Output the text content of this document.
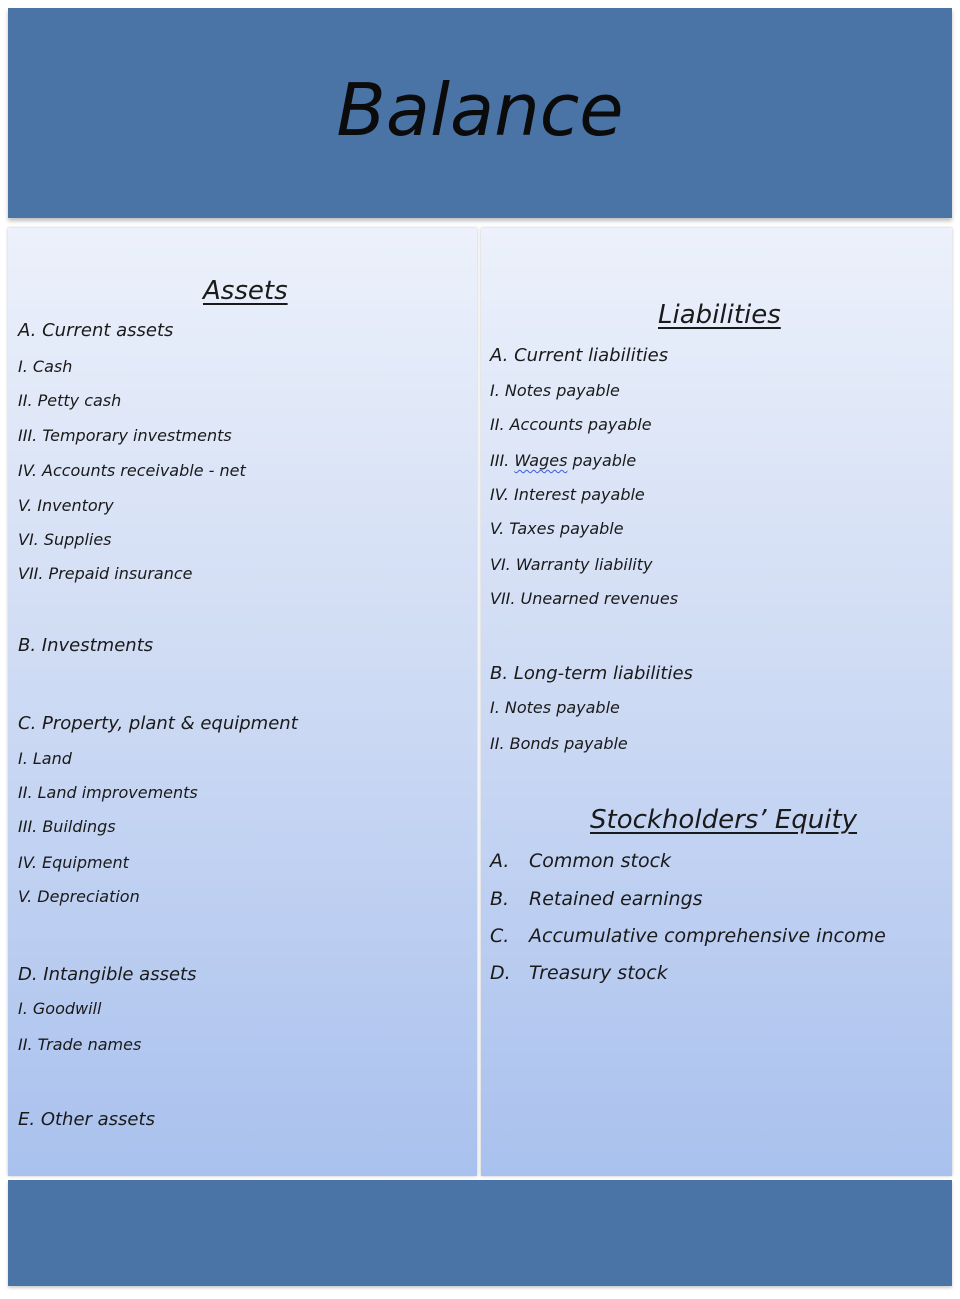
Balance
Assets
A. Current assets
I. Cash
II. Petty cash
III. Temporary investments
IV. Accounts receivable - net
V. Inventory
VI. Supplies
VII. Prepaid insurance
B. Investments
C. Property, plant & equipment
I. Land
II. Land improvements
III. Buildings
IV. Equipment
V. Depreciation
D. Intangible assets
I. Goodwill
II. Trade names
E. Other assets
Liabilities
A. Current liabilities
I. Notes payable
II. Accounts payable
III. Wages payable
IV. Interest payable
V. Taxes payable
VI. Warranty liability
VII. Unearned revenues
B. Long-term liabilities
I. Notes payable
II. Bonds payable
Stockholders’ Equity
A. Common stock
B. Retained earnings
C. Accumulative comprehensive income
D. Treasury stock
